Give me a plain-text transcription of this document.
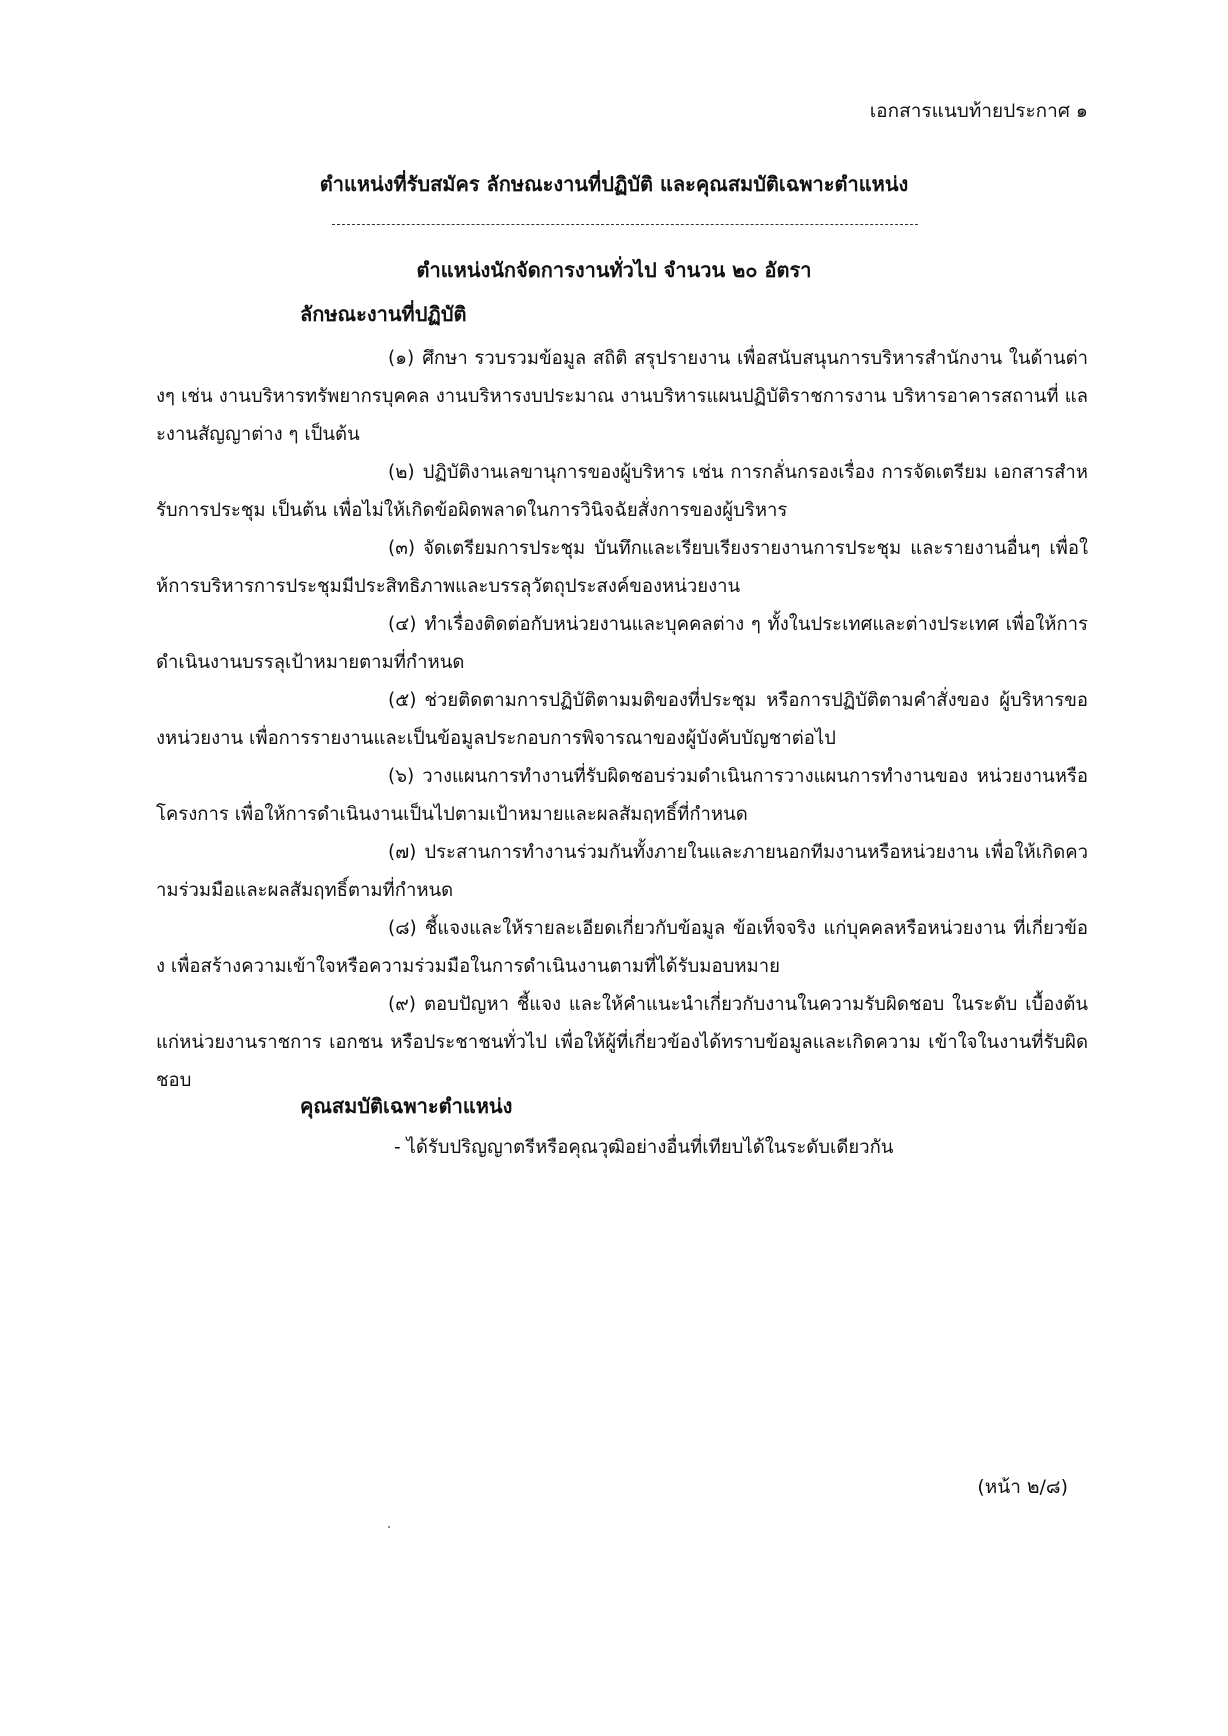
เอกสารแนบท้ายประกาศ ๑
ตำแหน่งที่รับสมัคร ลักษณะงานที่ปฏิบัติ และคุณสมบัติเฉพาะตำแหน่ง
ตำแหน่งนักจัดการงานทั่วไป จำนวน ๒๐ อัตรา
ลักษณะงานที่ปฏิบัติ

(๑) ศึกษา รวบรวมข้อมูล สถิติ สรุปรายงาน เพื่อสนับสนุนการบริหารสำนักงาน ในด้านต่างๆ เช่น งานบริหารทรัพยากรบุคคล งานบริหารงบประมาณ งานบริหารแผนปฏิบัติราชการงาน บริหารอาคารสถานที่ และงานสัญญาต่าง ๆ เป็นต้น

(๒) ปฏิบัติงานเลขานุการของผู้บริหาร เช่น การกลั่นกรองเรื่อง การจัดเตรียม เอกสารสำหรับการประชุม เป็นต้น เพื่อไม่ให้เกิดข้อผิดพลาดในการวินิจฉัยสั่งการของผู้บริหาร

(๓) จัดเตรียมการประชุม บันทึกและเรียบเรียงรายงานการประชุม และรายงานอื่นๆ เพื่อให้การบริหารการประชุมมีประสิทธิภาพและบรรลุวัตถุประสงค์ของหน่วยงาน

(๔) ทำเรื่องติดต่อกับหน่วยงานและบุคคลต่าง ๆ ทั้งในประเทศและต่างประเทศ เพื่อให้การดำเนินงานบรรลุเป้าหมายตามที่กำหนด

(๕) ช่วยติดตามการปฏิบัติตามมติของที่ประชุม หรือการปฏิบัติตามคำสั่งของ ผู้บริหารของหน่วยงาน เพื่อการรายงานและเป็นข้อมูลประกอบการพิจารณาของผู้บังคับบัญชาต่อไป

(๖) วางแผนการทำงานที่รับผิดชอบร่วมดำเนินการวางแผนการทำงานของ หน่วยงานหรือโครงการ เพื่อให้การดำเนินงานเป็นไปตามเป้าหมายและผลสัมฤทธิ์ที่กำหนด

(๗) ประสานการทำงานร่วมกันทั้งภายในและภายนอกทีมงานหรือหน่วยงาน เพื่อให้เกิดความร่วมมือและผลสัมฤทธิ์ตามที่กำหนด

(๘) ชี้แจงและให้รายละเอียดเกี่ยวกับข้อมูล ข้อเท็จจริง แก่บุคคลหรือหน่วยงาน ที่เกี่ยวข้อง เพื่อสร้างความเข้าใจหรือความร่วมมือในการดำเนินงานตามที่ได้รับมอบหมาย

(๙) ตอบปัญหา ชี้แจง และให้คำแนะนำเกี่ยวกับงานในความรับผิดชอบ ในระดับ เบื้องต้น แก่หน่วยงานราชการ เอกชน หรือประชาชนทั่วไป เพื่อให้ผู้ที่เกี่ยวข้องได้ทราบข้อมูลและเกิดความ เข้าใจในงานที่รับผิดชอบ

คุณสมบัติเฉพาะตำแหน่ง
- ได้รับปริญญาตรีหรือคุณวุฒิอย่างอื่นที่เทียบได้ในระดับเดียวกัน
(หน้า ๒/๘)
